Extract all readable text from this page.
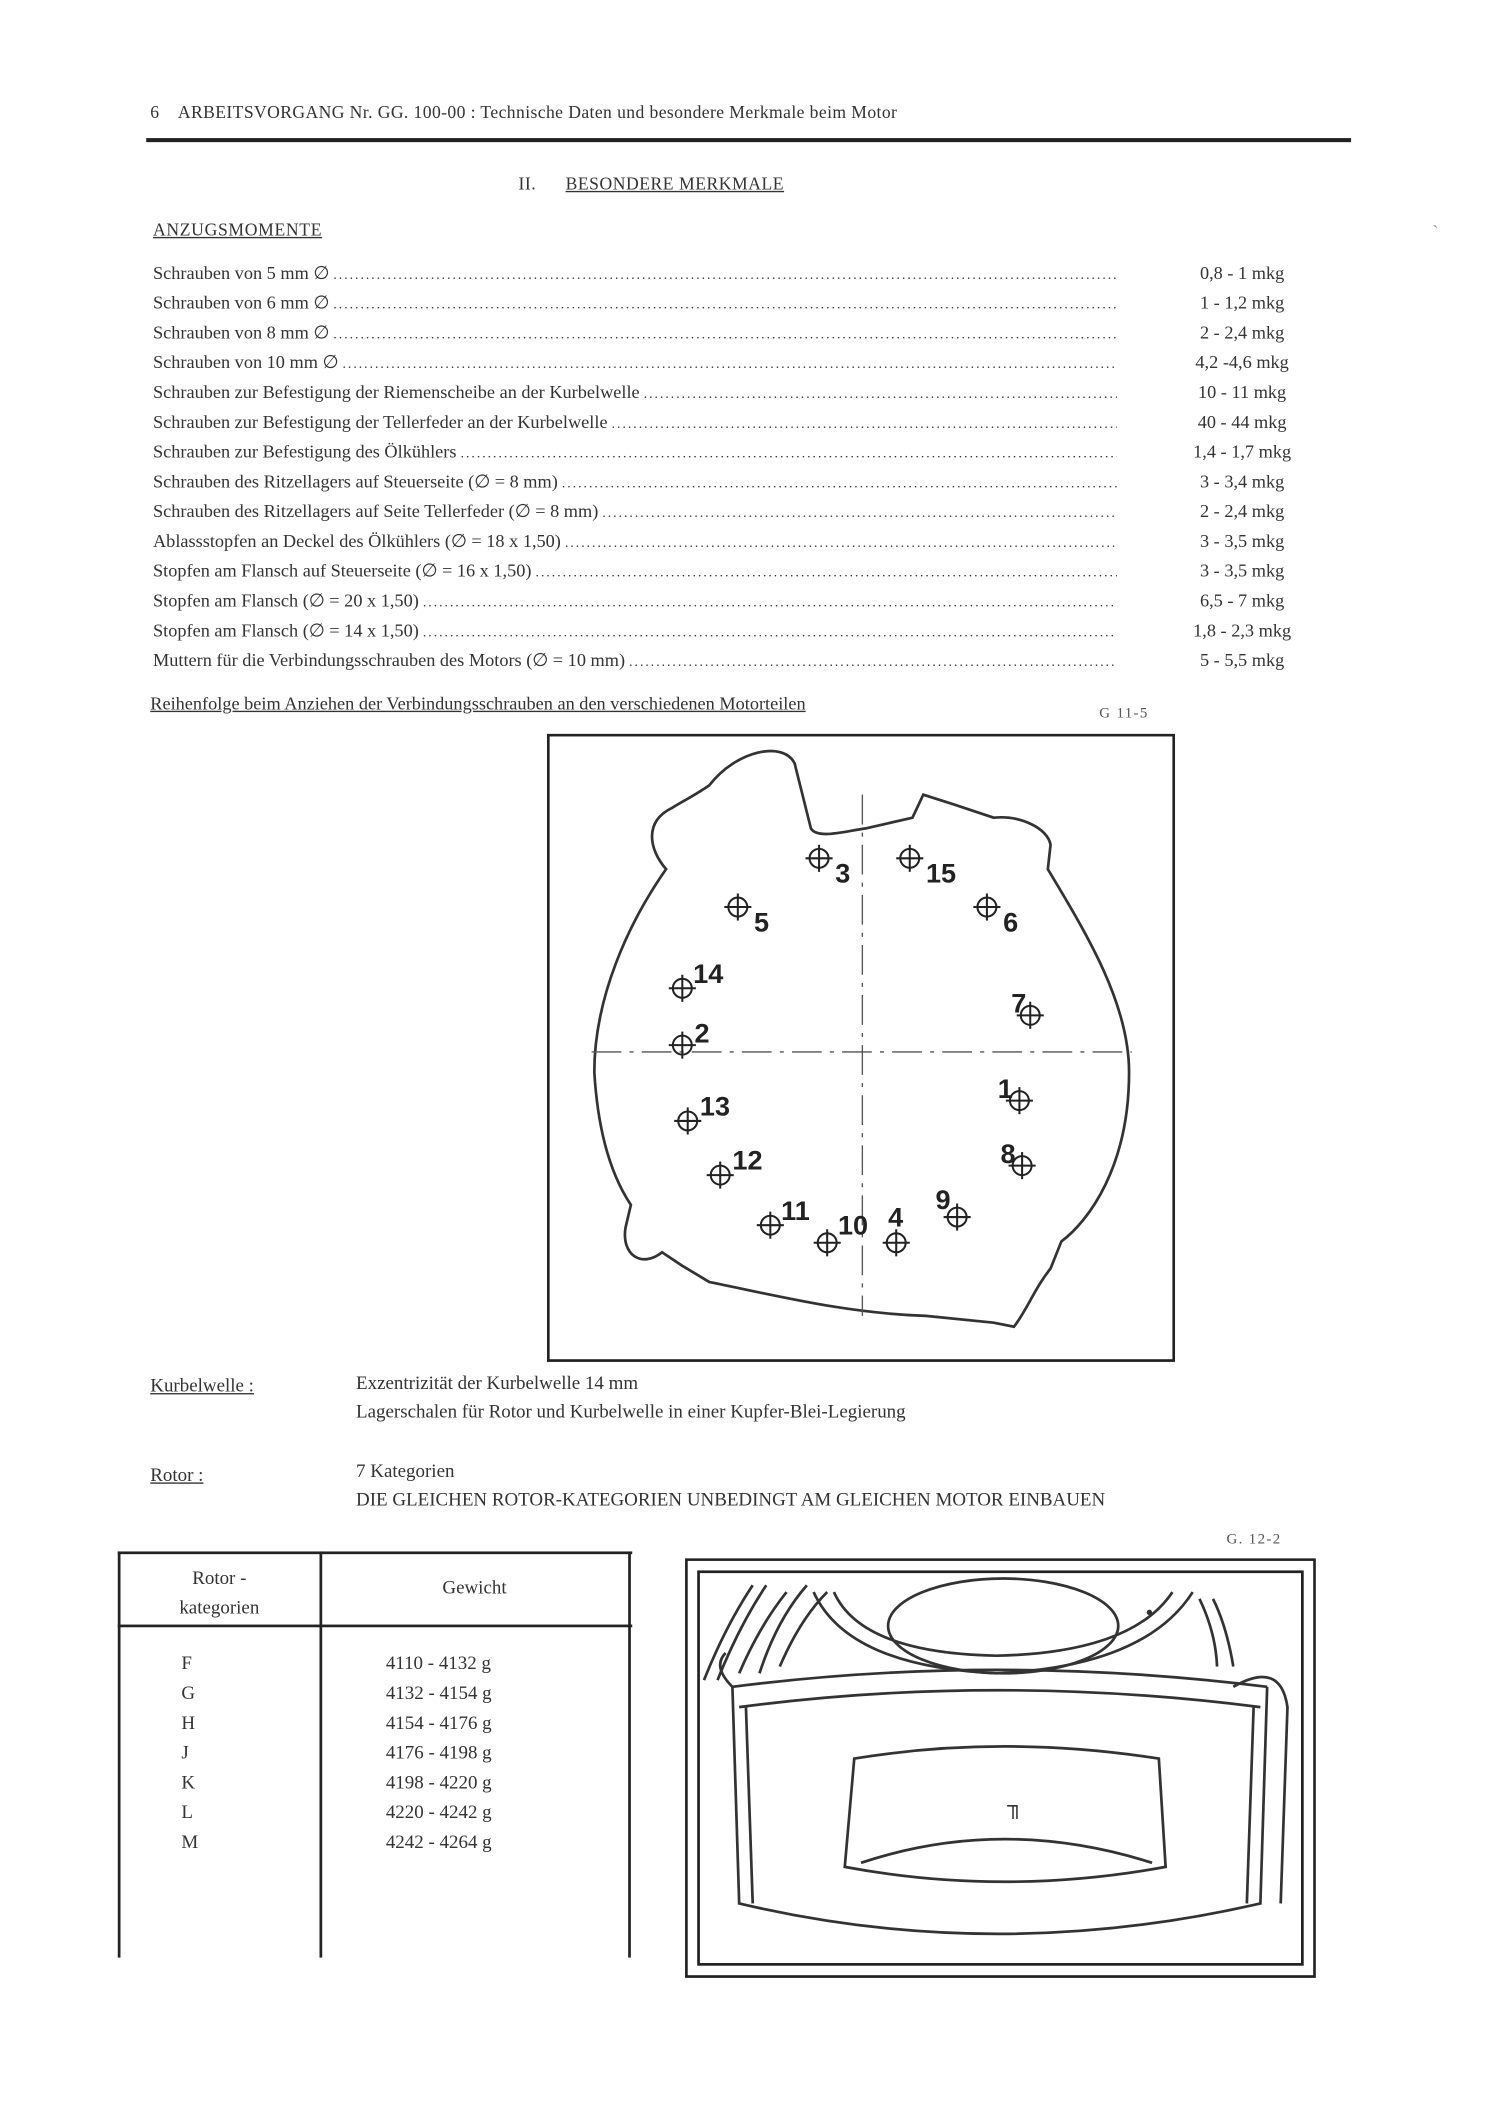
6 ARBEITSVORGANG Nr. GG. 100-00 : Technische Daten und besondere Merkmale beim Motor
II. BESONDERE MERKMALE
ANZUGSMOMENTE
Schrauben von 5 mm ∅ . . .	0,8 - 1 mkg
Schrauben von 6 mm ∅ . . .	1 - 1,2 mkg
Schrauben von 8 mm ∅ . . .	2 - 2,4 mkg
Schrauben von 10 mm ∅ . . .	4,2 -4,6 mkg
Schrauben zur Befestigung der Riemenscheibe an der Kurbelwelle . . .	10 - 11 mkg
Schrauben zur Befestigung der Tellerfeder an der Kurbelwelle . . .	40 - 44 mkg
Schrauben zur Befestigung des Ölkühlers . . .	1,4 - 1,7 mkg
Schrauben des Ritzellagers auf Steuerseite (∅ = 8 mm) . . .	3 - 3,4 mkg
Schrauben des Ritzellagers auf Seite Tellerfeder (∅ = 8 mm) . . .	2 - 2,4 mkg
Ablassstopfen an Deckel des Ölkühlers (∅ = 18 x 1,50) . . .	3 - 3,5 mkg
Stopfen am Flansch auf Steuerseite (∅ = 16 x 1,50) . . .	3 - 3,5 mkg
Stopfen am Flansch (∅ = 20 x 1,50) . . .	6,5 - 7 mkg
Stopfen am Flansch (∅ = 14 x 1,50) . . .	1,8 - 2,3 mkg
Muttern für die Verbindungsschrauben des Motors (∅ = 10 mm) . . .	5 - 5,5 mkg
Reihenfolge beim Anziehen der Verbindungsschrauben an den verschiedenen Motorteilen	G 11-5
1
2
3
4
5	6
7
8
9
10
11
12
13
14
15
Kurbelwelle :	Exzentrizität der Kurbelwelle 14 mm
Lagerschalen für Rotor und Kurbelwelle in einer Kupfer-Blei-Legierung
Rotor :	7 Kategorien
DIE GLEICHEN ROTOR-KATEGORIEN UNBEDINGT AM GLEICHEN MOTOR EINBAUEN
Rotor -
kategorien
Gewicht
F	4110 - 4132 g
G	4132 - 4154 g
H	4154 - 4176 g
J	4176 - 4198 g
K	4198 - 4220 g
L	4220 - 4242 g
M	4242 - 4264 g
G. 12-2
╖
`
